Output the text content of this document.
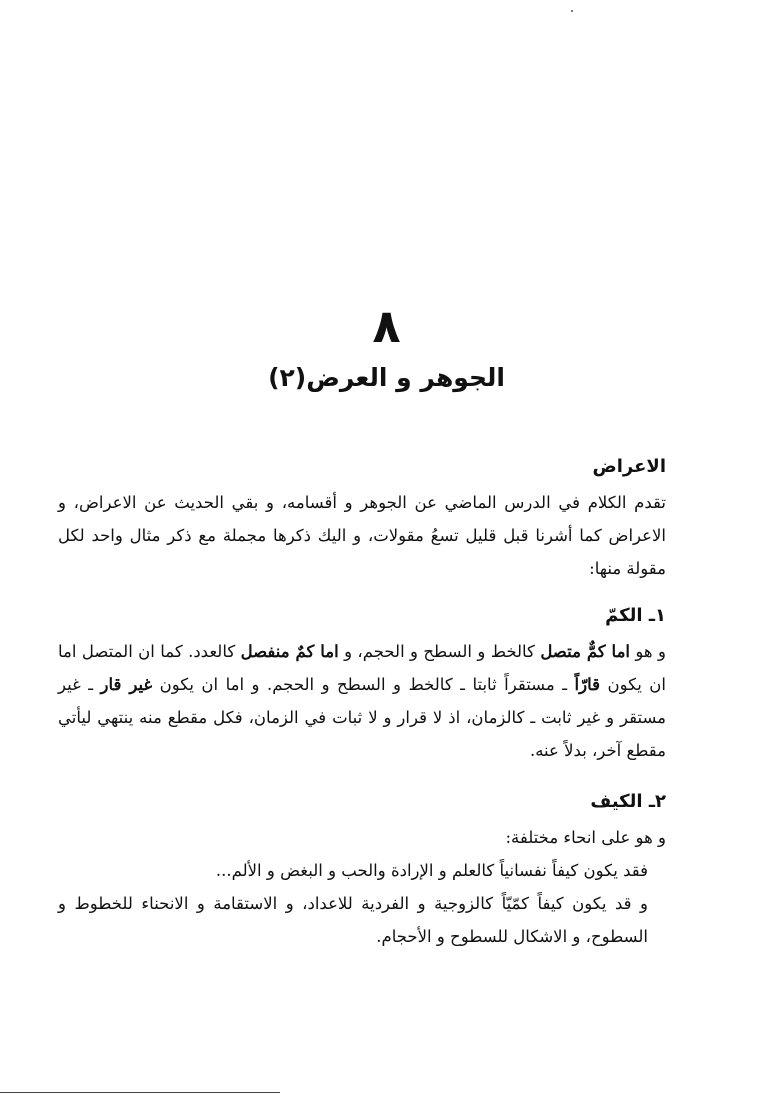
٨
الجوهر و العرض(٢)
الاعراض

تقدم الكلام في الدرس الماضي عن الجوهر و أقسامه، و بقي الحديث عن الاعراض، و الاعراض كما أشرنا قبل قليل تسعُ مقولات، و اليك ذكرها مجملة مع ذكر مثال واحد لكل مقولة منها:

١ـ الكمّ

و هو اما كمٌّ متصل كالخط و السطح و الحجم، و اما كمٌ منفصل كالعدد. كما ان المتصل اما ان يكون قارّاً ـ مستقراً ثابتا ـ كالخط و السطح و الحجم. و اما ان يكون غير قار ـ غير مستقر و غير ثابت ـ كالزمان، اذ لا قرار و لا ثبات في الزمان، فكل مقطع منه ينتهي ليأتي مقطع آخر، بدلاً عنه.

٢ـ الكيف

و هو على انحاء مختلفة:

فقد يكون كيفاً نفسانياً كالعلم و الإرادة والحب و البغض و الألم...

و قد يكون كيفاً كمّيّاً كالزوجية و الفردية للاعداد، و الاستقامة و الانحناء للخطوط و السطوح، و الاشكال للسطوح و الأحجام.
